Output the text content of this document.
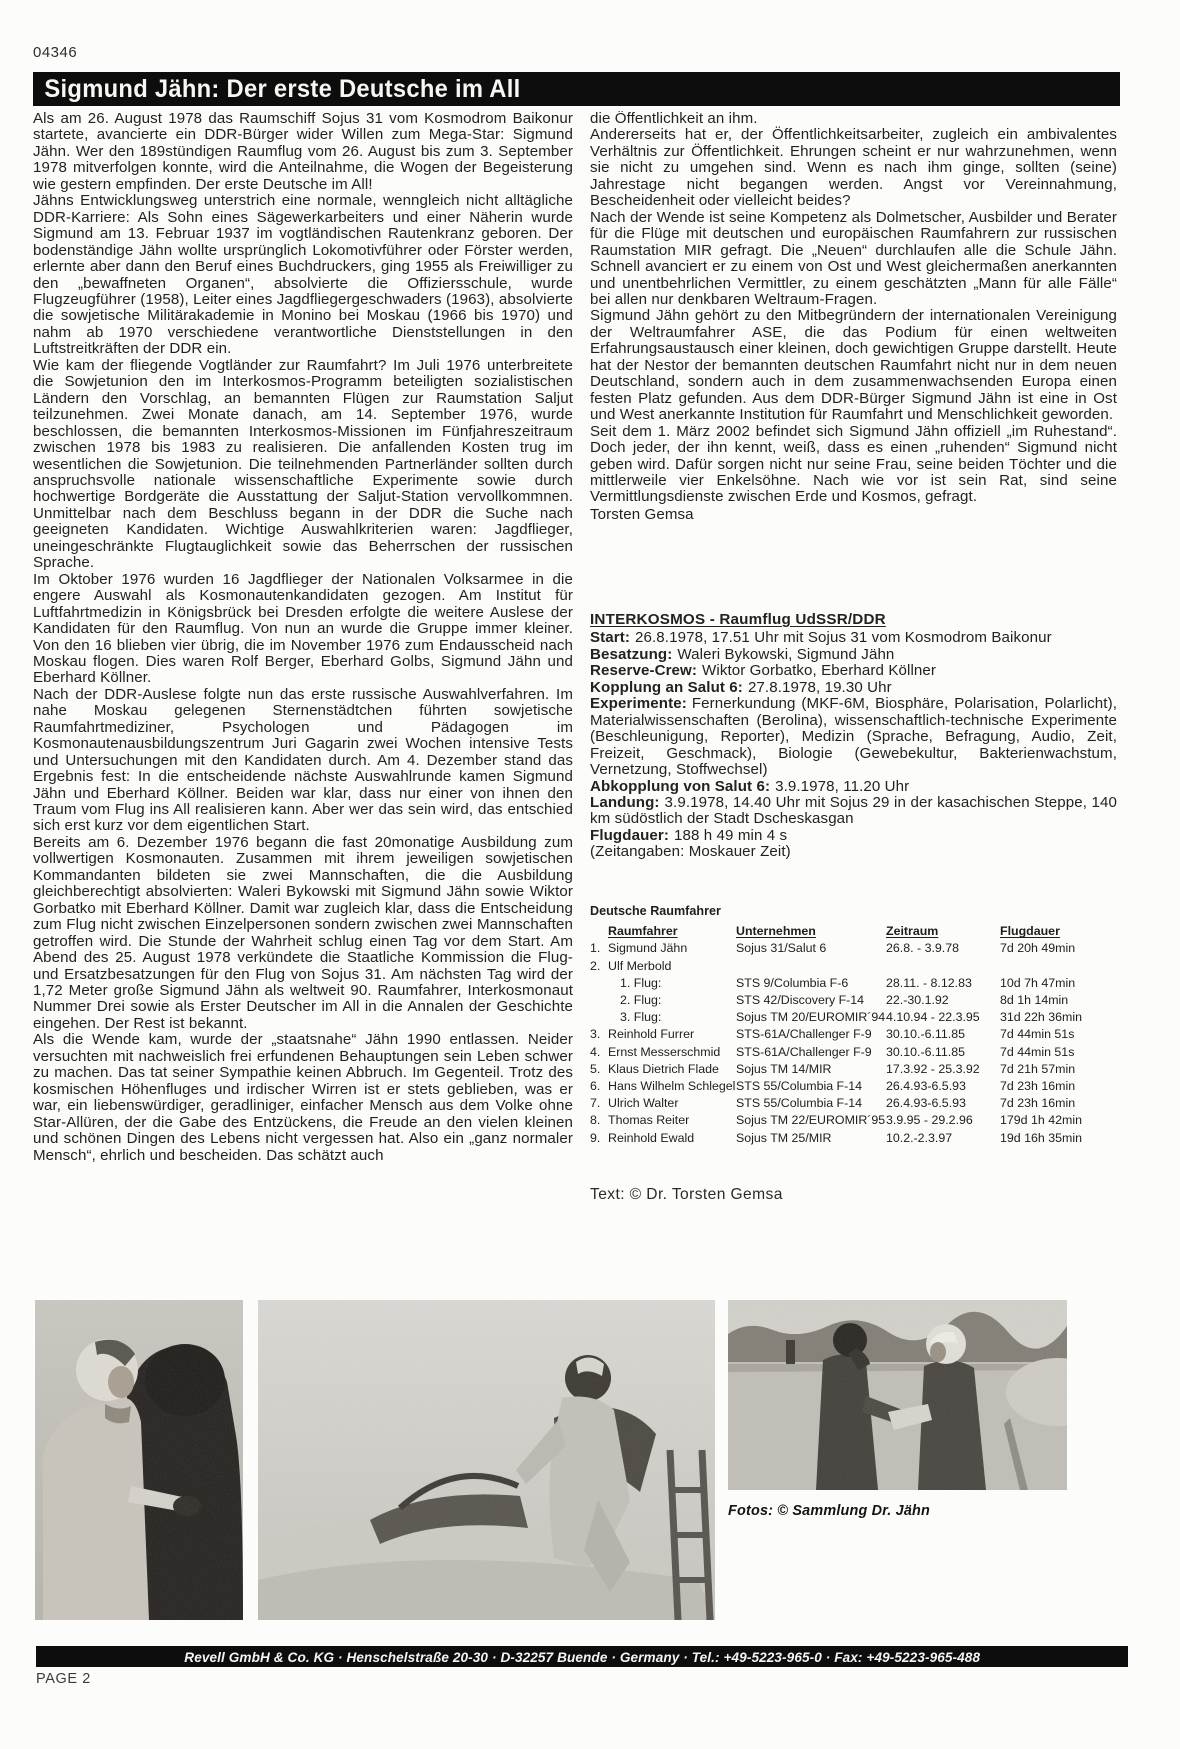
04346
Sigmund Jähn: Der erste Deutsche im All

Als am 26. August 1978 das Raumschiff Sojus 31 vom Kosmodrom Baikonur startete, avancierte ein DDR-Bürger wider Willen zum Mega-Star: Sigmund Jähn. Wer den 189stündigen Raumflug vom 26. August bis zum 3. September 1978 mitverfolgen konnte, wird die Anteilnahme, die Wogen der Begeisterung wie gestern empfinden. Der erste Deutsche im All!

Jähns Entwicklungsweg unterstrich eine normale, wenngleich nicht alltägliche DDR-Karriere: Als Sohn eines Sägewerkarbeiters und einer Näherin wurde Sigmund am 13. Februar 1937 im vogtländischen Rautenkranz geboren. Der bodenständige Jähn wollte ursprünglich Lokomotivführer oder Förster werden, erlernte aber dann den Beruf eines Buchdruckers, ging 1955 als Freiwilliger zu den „bewaffneten Organen“, absolvierte die Offiziersschule, wurde Flugzeugführer (1958), Leiter eines Jagdfliegergeschwaders (1963), absolvierte die sowjetische Militärakademie in Monino bei Moskau (1966 bis 1970) und nahm ab 1970 verschiedene verantwortliche Dienststellungen in den Luftstreitkräften der DDR ein.

Wie kam der fliegende Vogtländer zur Raumfahrt? Im Juli 1976 unterbreitete die Sowjetunion den im Interkosmos-Programm beteiligten sozialistischen Ländern den Vorschlag, an bemannten Flügen zur Raumstation Saljut teilzunehmen. Zwei Monate danach, am 14. September 1976, wurde beschlossen, die bemannten Interkosmos-Missionen im Fünfjahreszeitraum zwischen 1978 bis 1983 zu realisieren. Die anfallenden Kosten trug im wesentlichen die Sowjetunion. Die teilnehmenden Partnerländer sollten durch anspruchsvolle nationale wissenschaftliche Experimente sowie durch hochwertige Bordgeräte die Ausstattung der Saljut-Station vervollkommnen. Unmittelbar nach dem Beschluss begann in der DDR die Suche nach geeigneten Kandidaten. Wichtige Auswahlkriterien waren: Jagdflieger, uneingeschränkte Flugtauglichkeit sowie das Beherrschen der russischen Sprache.

Im Oktober 1976 wurden 16 Jagdflieger der Nationalen Volksarmee in die engere Auswahl als Kosmonautenkandidaten gezogen. Am Institut für Luftfahrtmedizin in Königsbrück bei Dresden erfolgte die weitere Auslese der Kandidaten für den Raumflug. Von nun an wurde die Gruppe immer kleiner. Von den 16 blieben vier übrig, die im November 1976 zum Endausscheid nach Moskau flogen. Dies waren Rolf Berger, Eberhard Golbs, Sigmund Jähn und Eberhard Köllner.

Nach der DDR-Auslese folgte nun das erste russische Auswahlverfahren. Im nahe Moskau gelegenen Sternenstädtchen führten sowjetische Raumfahrtmediziner, Psychologen und Pädagogen im Kosmonautenausbildungszentrum Juri Gagarin zwei Wochen intensive Tests und Untersuchungen mit den Kandidaten durch. Am 4. Dezember stand das Ergebnis fest: In die entscheidende nächste Auswahlrunde kamen Sigmund Jähn und Eberhard Köllner. Beiden war klar, dass nur einer von ihnen den Traum vom Flug ins All realisieren kann. Aber wer das sein wird, das entschied sich erst kurz vor dem eigentlichen Start.

Bereits am 6. Dezember 1976 begann die fast 20monatige Ausbildung zum vollwertigen Kosmonauten. Zusammen mit ihrem jeweiligen sowjetischen Kommandanten bildeten sie zwei Mannschaften, die die Ausbildung gleichberechtigt absolvierten: Waleri Bykowski mit Sigmund Jähn sowie Wiktor Gorbatko mit Eberhard Köllner. Damit war zugleich klar, dass die Entscheidung zum Flug nicht zwischen Einzelpersonen sondern zwischen zwei Mannschaften getroffen wird. Die Stunde der Wahrheit schlug einen Tag vor dem Start. Am Abend des 25. August 1978 verkündete die Staatliche Kommission die Flug- und Ersatzbesatzungen für den Flug von Sojus 31. Am nächsten Tag wird der 1,72 Meter große Sigmund Jähn als weltweit 90. Raumfahrer, Interkosmonaut Nummer Drei sowie als Erster Deutscher im All in die Annalen der Geschichte eingehen. Der Rest ist bekannt.

Als die Wende kam, wurde der „staatsnahe“ Jähn 1990 entlassen. Neider versuchten mit nachweislich frei erfundenen Behauptungen sein Leben schwer zu machen. Das tat seiner Sympathie keinen Abbruch. Im Gegenteil. Trotz des kosmischen Höhenfluges und irdischer Wirren ist er stets geblieben, was er war, ein liebenswürdiger, geradliniger, einfacher Mensch aus dem Volke ohne Star-Allüren, der die Gabe des Entzückens, die Freude an den vielen kleinen und schönen Dingen des Lebens nicht vergessen hat. Also ein „ganz normaler Mensch“, ehrlich und bescheiden. Das schätzt auch

die Öffentlichkeit an ihm.

Andererseits hat er, der Öffentlichkeitsarbeiter, zugleich ein ambivalentes Verhältnis zur Öffentlichkeit. Ehrungen scheint er nur wahrzunehmen, wenn sie nicht zu umgehen sind. Wenn es nach ihm ginge, sollten (seine) Jahrestage nicht begangen werden. Angst vor Vereinnahmung, Bescheidenheit oder vielleicht beides?

Nach der Wende ist seine Kompetenz als Dolmetscher, Ausbilder und Berater für die Flüge mit deutschen und europäischen Raumfahrern zur russischen Raumstation MIR gefragt. Die „Neuen“ durchlaufen alle die Schule Jähn. Schnell avanciert er zu einem von Ost und West gleichermaßen anerkannten und unentbehrlichen Vermittler, zu einem geschätzten „Mann für alle Fälle“ bei allen nur denkbaren Weltraum-Fragen.

Sigmund Jähn gehört zu den Mitbegründern der internationalen Vereinigung der Weltraumfahrer ASE, die das Podium für einen weltweiten Erfahrungsaustausch einer kleinen, doch gewichtigen Gruppe darstellt. Heute hat der Nestor der bemannten deutschen Raumfahrt nicht nur in dem neuen Deutschland, sondern auch in dem zusammenwachsenden Europa einen festen Platz gefunden. Aus dem DDR-Bürger Sigmund Jähn ist eine in Ost und West anerkannte Institution für Raumfahrt und Menschlichkeit geworden.

Seit dem 1. März 2002 befindet sich Sigmund Jähn offiziell „im Ruhestand“. Doch jeder, der ihn kennt, weiß, dass es einen „ruhenden“ Sigmund nicht geben wird. Dafür sorgen nicht nur seine Frau, seine beiden Töchter und die mittlerweile vier Enkelsöhne. Nach wie vor ist sein Rat, sind seine Vermittlungsdienste zwischen Erde und Kosmos, gefragt.

Torsten Gemsa

INTERKOSMOS - Raumflug UdSSR/DDR

Start: 26.8.1978, 17.51 Uhr mit Sojus 31 vom Kosmodrom Baikonur

Besatzung: Waleri Bykowski, Sigmund Jähn

Reserve-Crew: Wiktor Gorbatko, Eberhard Köllner

Kopplung an Salut 6: 27.8.1978, 19.30 Uhr

Experimente: Fernerkundung (MKF-6M, Biosphäre, Polarisation, Polarlicht), Materialwissenschaften (Berolina), wissenschaftlich-technische Experimente (Beschleunigung, Reporter), Medizin (Sprache, Befragung, Audio, Zeit, Freizeit, Geschmack), Biologie (Gewebekultur, Bakterienwachstum, Vernetzung, Stoffwechsel)

Abkopplung von Salut 6: 3.9.1978, 11.20 Uhr

Landung: 3.9.1978, 14.40 Uhr mit Sojus 29 in der kasachischen Steppe, 140 km südöstlich der Stadt Dscheskasgan

Flugdauer: 188 h 49 min 4 s

(Zeitangaben: Moskauer Zeit)

Deutsche Raumfahrer
Raumfahrer	Unternehmen	Zeitraum	Flugdauer
1. Sigmund Jähn	Sojus 31/Salut 6	26.8. - 3.9.78	7d 20h 49min
2. Ulf Merbold
1. Flug:	STS 9/Columbia F-6	28.11. - 8.12.83	10d 7h 47min
2. Flug:	STS 42/Discovery F-14	22.-30.1.92	8d 1h 14min
3. Flug:	Sojus TM 20/EUROMIR´94 4.10.94 - 22.3.95	31d 22h 36min
3. Reinhold Furrer	STS-61A/Challenger F-9	30.10.-6.11.85	7d 44min 51s
4. Ernst Messerschmid	STS-61A/Challenger F-9	30.10.-6.11.85	7d 44min 51s
5. Klaus Dietrich Flade	Sojus TM 14/MIR	17.3.92 - 25.3.92	7d 21h 57min
6. Hans Wilhelm Schlegel STS 55/Columbia F-14	26.4.93-6.5.93	7d 23h 16min
7. Ulrich Walter	STS 55/Columbia F-14	26.4.93-6.5.93	7d 23h 16min
8. Thomas Reiter	Sojus TM 22/EUROMIR´95 3.9.95 - 29.2.96	179d 1h 42min
9. Reinhold Ewald	Sojus TM 25/MIR	10.2.-2.3.97	19d 16h 35min
Text: © Dr. Torsten Gemsa
Fotos: © Sammlung Dr. Jähn
Revell GmbH & Co. KG · Henschelstraße 20-30 · D-32257 Buende · Germany · Tel.: +49-5223-965-0 · Fax: +49-5223-965-488
PAGE 2
